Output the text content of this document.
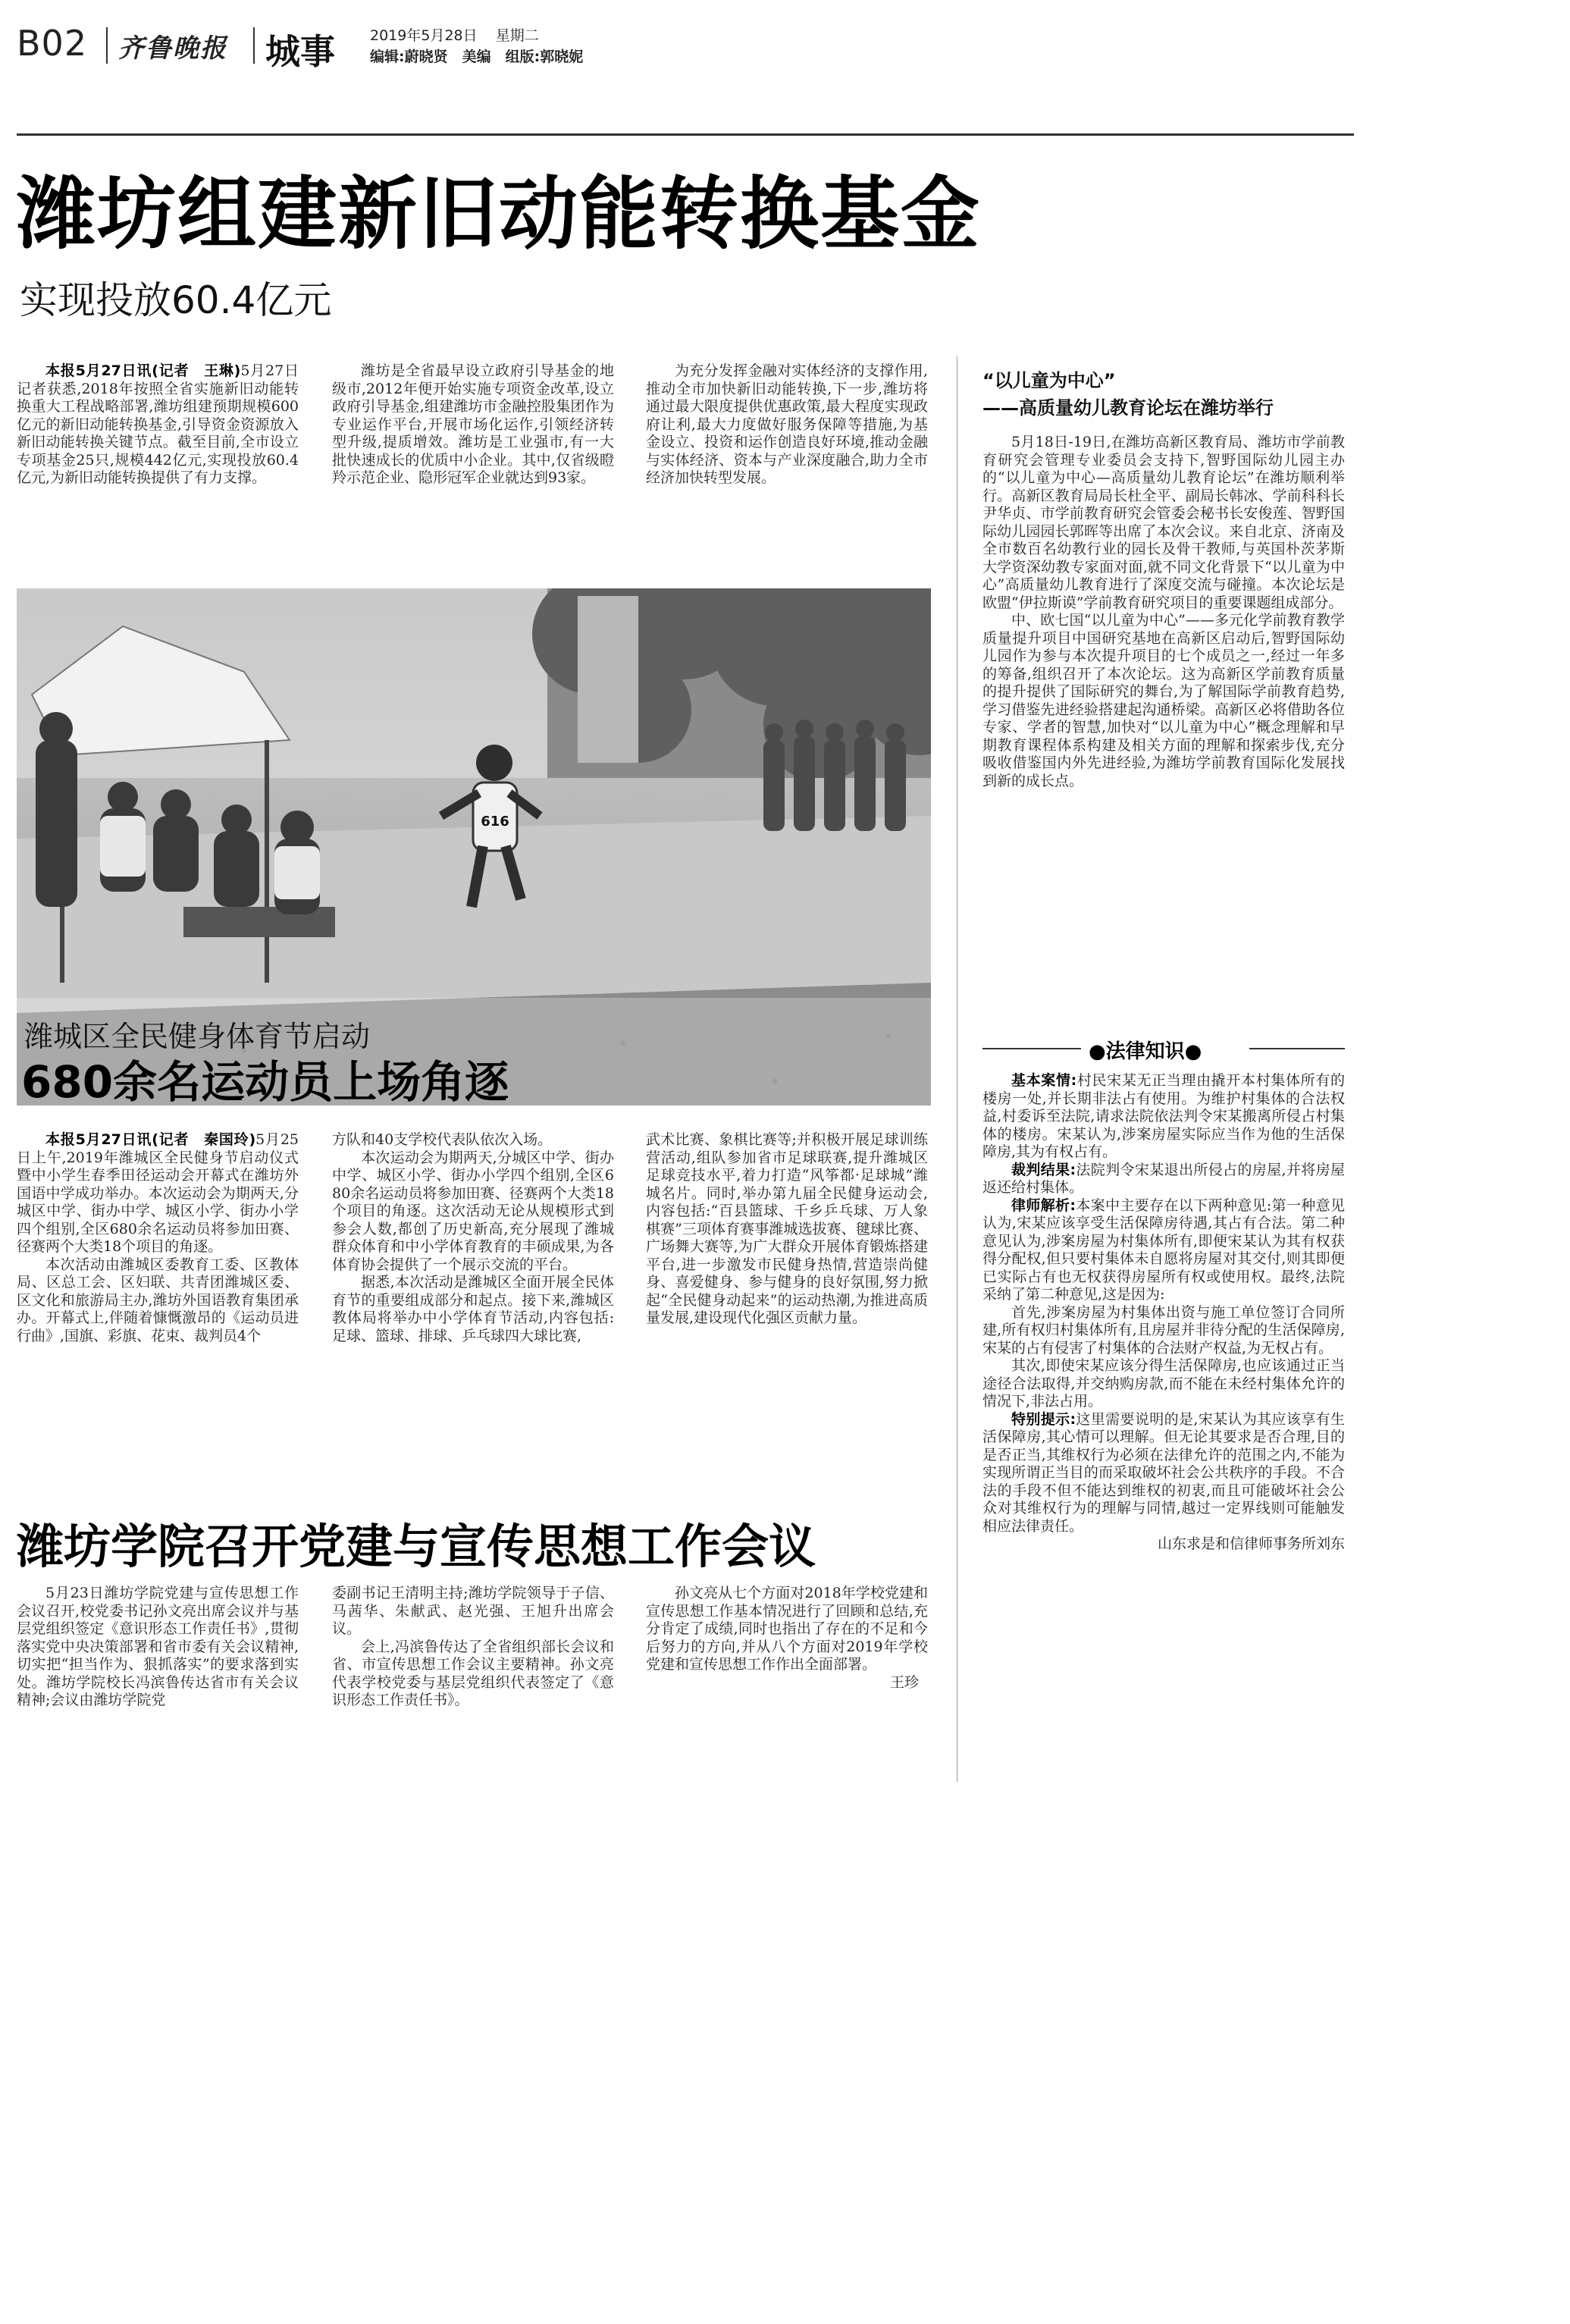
B02 齐鲁晚报 城事 2019年5月28日 星期二
编辑:蔚晓贤　美编　组版:郭晓妮
潍坊组建新旧动能转换基金
实现投放60.4亿元

本报5月27日讯(记者　王琳)5月27日记者获悉,2018年按照全省实施新旧动能转换重大工程战略部署,潍坊组建预期规模600亿元的新旧动能转换基金,引导资金资源放入新旧动能转换关键节点。截至目前,全市设立专项基金25只,规模442亿元,实现投放60.4亿元,为新旧动能转换提供了有力支撑。

潍坊是全省最早设立政府引导基金的地级市,2012年便开始实施专项资金改革,设立政府引导基金,组建潍坊市金融控股集团作为专业运作平台,开展市场化运作,引领经济转型升级,提质增效。潍坊是工业强市,有一大批快速成长的优质中小企业。其中,仅省级瞪羚示范企业、隐形冠军企业就达到93家。

为充分发挥金融对实体经济的支撑作用,推动全市加快新旧动能转换,下一步,潍坊将通过最大限度提供优惠政策,最大程度实现政府让利,最大力度做好服务保障等措施,为基金设立、投资和运作创造良好环境,推动金融与实体经济、资本与产业深度融合,助力全市经济加快转型发展。

616
潍城区全民健身体育节启动
680余名运动员上场角逐

本报5月27日讯(记者　秦国玲)5月25日上午,2019年潍城区全民健身节启动仪式暨中小学生春季田径运动会开幕式在潍坊外国语中学成功举办。本次运动会为期两天,分城区中学、街办中学、城区小学、街办小学四个组别,全区680余名运动员将参加田赛、径赛两个大类18个项目的角逐。

本次活动由潍城区委教育工委、区教体局、区总工会、区妇联、共青团潍城区委、区文化和旅游局主办,潍坊外国语教育集团承办。开幕式上,伴随着慷慨激昂的《运动员进行曲》,国旗、彩旗、花束、裁判员4个

方队和40支学校代表队依次入场。

本次运动会为期两天,分城区中学、街办中学、城区小学、街办小学四个组别,全区680余名运动员将参加田赛、径赛两个大类18个项目的角逐。这次活动无论从规模形式到参会人数,都创了历史新高,充分展现了潍城群众体育和中小学体育教育的丰硕成果,为各体育协会提供了一个展示交流的平台。

据悉,本次活动是潍城区全面开展全民体育节的重要组成部分和起点。接下来,潍城区教体局将举办中小学体育节活动,内容包括:足球、篮球、排球、乒乓球四大球比赛,

武术比赛、象棋比赛等;并积极开展足球训练营活动,组队参加省市足球联赛,提升潍城区足球竞技水平,着力打造“风筝都·足球城”潍城名片。同时,举办第九届全民健身运动会,内容包括:“百县篮球、千乡乒乓球、万人象棋赛”三项体育赛事潍城选拔赛、毽球比赛、广场舞大赛等,为广大群众开展体育锻炼搭建平台,进一步激发市民健身热情,营造崇尚健身、喜爱健身、参与健身的良好氛围,努力掀起“全民健身动起来”的运动热潮,为推进高质量发展,建设现代化强区贡献力量。

潍坊学院召开党建与宣传思想工作会议

5月23日潍坊学院党建与宣传思想工作会议召开,校党委书记孙文亮出席会议并与基层党组织签定《意识形态工作责任书》,贯彻落实党中央决策部署和省市委有关会议精神,切实把“担当作为、狠抓落实”的要求落到实处。潍坊学院校长冯滨鲁传达省市有关会议精神;会议由潍坊学院党

委副书记王清明主持;潍坊学院领导于子信、马茜华、朱献武、赵光强、王旭升出席会议。

会上,冯滨鲁传达了全省组织部长会议和省、市宣传思想工作会议主要精神。孙文亮代表学校党委与基层党组织代表签定了《意识形态工作责任书》。

孙文亮从七个方面对2018年学校党建和宣传思想工作基本情况进行了回顾和总结,充分肯定了成绩,同时也指出了存在的不足和今后努力的方向,并从八个方面对2019年学校党建和宣传思想工作作出全面部署。

王珍
“以儿童为中心”
——高质量幼儿教育论坛在潍坊举行

5月18日-19日,在潍坊高新区教育局、潍坊市学前教育研究会管理专业委员会支持下,智野国际幼儿园主办的“以儿童为中心—高质量幼儿教育论坛”在潍坊顺利举行。高新区教育局局长杜全平、副局长韩冰、学前科科长尹华贞、市学前教育研究会管委会秘书长安俊莲、智野国际幼儿园园长郭晖等出席了本次会议。来自北京、济南及全市数百名幼教行业的园长及骨干教师,与英国朴茨茅斯大学资深幼教专家面对面,就不同文化背景下“以儿童为中心”高质量幼儿教育进行了深度交流与碰撞。本次论坛是欧盟“伊拉斯谟”学前教育研究项目的重要课题组成部分。

中、欧七国“以儿童为中心”——多元化学前教育教学质量提升项目中国研究基地在高新区启动后,智野国际幼儿园作为参与本次提升项目的七个成员之一,经过一年多的筹备,组织召开了本次论坛。这为高新区学前教育质量的提升提供了国际研究的舞台,为了解国际学前教育趋势,学习借鉴先进经验搭建起沟通桥梁。高新区必将借助各位专家、学者的智慧,加快对“以儿童为中心”概念理解和早期教育课程体系构建及相关方面的理解和探索步伐,充分吸收借鉴国内外先进经验,为潍坊学前教育国际化发展找到新的成长点。

●法律知识●

基本案情:村民宋某无正当理由撬开本村集体所有的楼房一处,并长期非法占有使用。为维护村集体的合法权益,村委诉至法院,请求法院依法判令宋某搬离所侵占村集体的楼房。宋某认为,涉案房屋实际应当作为他的生活保障房,其为有权占有。

裁判结果:法院判令宋某退出所侵占的房屋,并将房屋返还给村集体。

律师解析:本案中主要存在以下两种意见:第一种意见认为,宋某应该享受生活保障房待遇,其占有合法。第二种意见认为,涉案房屋为村集体所有,即便宋某认为其有权获得分配权,但只要村集体未自愿将房屋对其交付,则其即便已实际占有也无权获得房屋所有权或使用权。最终,法院采纳了第二种意见,这是因为:

首先,涉案房屋为村集体出资与施工单位签订合同所建,所有权归村集体所有,且房屋并非待分配的生活保障房,宋某的占有侵害了村集体的合法财产权益,为无权占有。

其次,即使宋某应该分得生活保障房,也应该通过正当途径合法取得,并交纳购房款,而不能在未经村集体允许的情况下,非法占用。

特别提示:这里需要说明的是,宋某认为其应该享有生活保障房,其心情可以理解。但无论其要求是否合理,目的是否正当,其维权行为必须在法律允许的范围之内,不能为实现所谓正当目的而采取破坏社会公共秩序的手段。不合法的手段不但不能达到维权的初衷,而且可能破坏社会公众对其维权行为的理解与同情,越过一定界线则可能触发相应法律责任。

山东求是和信律师事务所刘东
